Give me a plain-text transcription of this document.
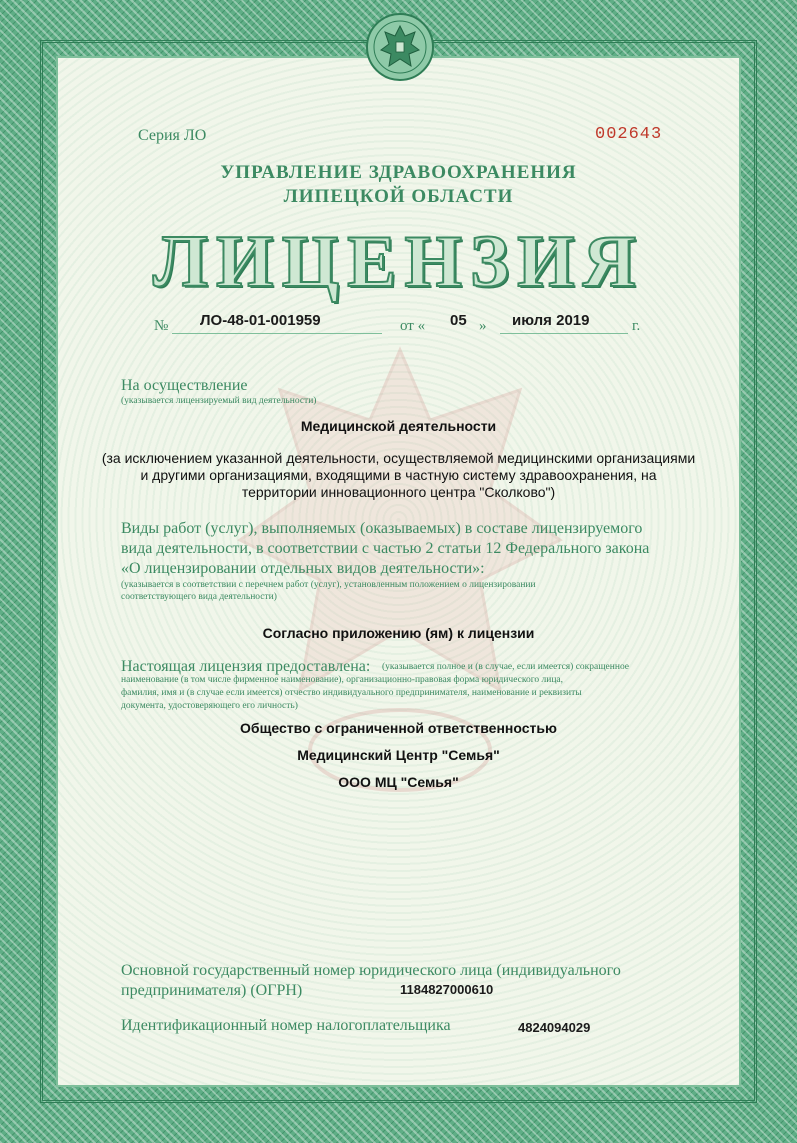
Серия ЛО	002643
УПРАВЛЕНИЕ ЗДРАВООХРАНЕНИЯ
ЛИПЕЦКОЙ ОБЛАСТИ
ЛИЦЕНЗИЯ
№ ЛО-48-01-001959	от « 05 » июля 2019	г.
На осуществление
(указывается лицензируемый вид деятельности)
Медицинской деятельности
(за исключением указанной деятельности, осуществляемой медицинскими организациями
и другими организациями, входящими в частную систему здравоохранения, на
территории инновационного центра "Сколково")
Виды работ (услуг), выполняемых (оказываемых) в составе лицензируемого
вида деятельности, в соответствии с частью 2 статьи 12 Федерального закона
«О лицензировании отдельных видов деятельности»:
(указывается в соответствии с перечнем работ (услуг), установленным положением о лицензировании
соответствующего вида деятельности)
Согласно приложению (ям) к лицензии
Настоящая лицензия предоставлена: (указывается полное и (в случае, если имеется) сокращенное
наименование (в том числе фирменное наименование), организационно-правовая форма юридического лица,
фамилия, имя и (в случае если имеется) отчество индивидуального предпринимателя, наименование и реквизиты
документа, удостоверяющего его личность)
Общество с ограниченной ответственностью
Медицинский Центр "Семья"
ООО МЦ "Семья"
Основной государственный номер юридического лица (индивидуального
предпринимателя) (ОГРН)	1184827000610
Идентификационный номер налогоплательщика	4824094029
